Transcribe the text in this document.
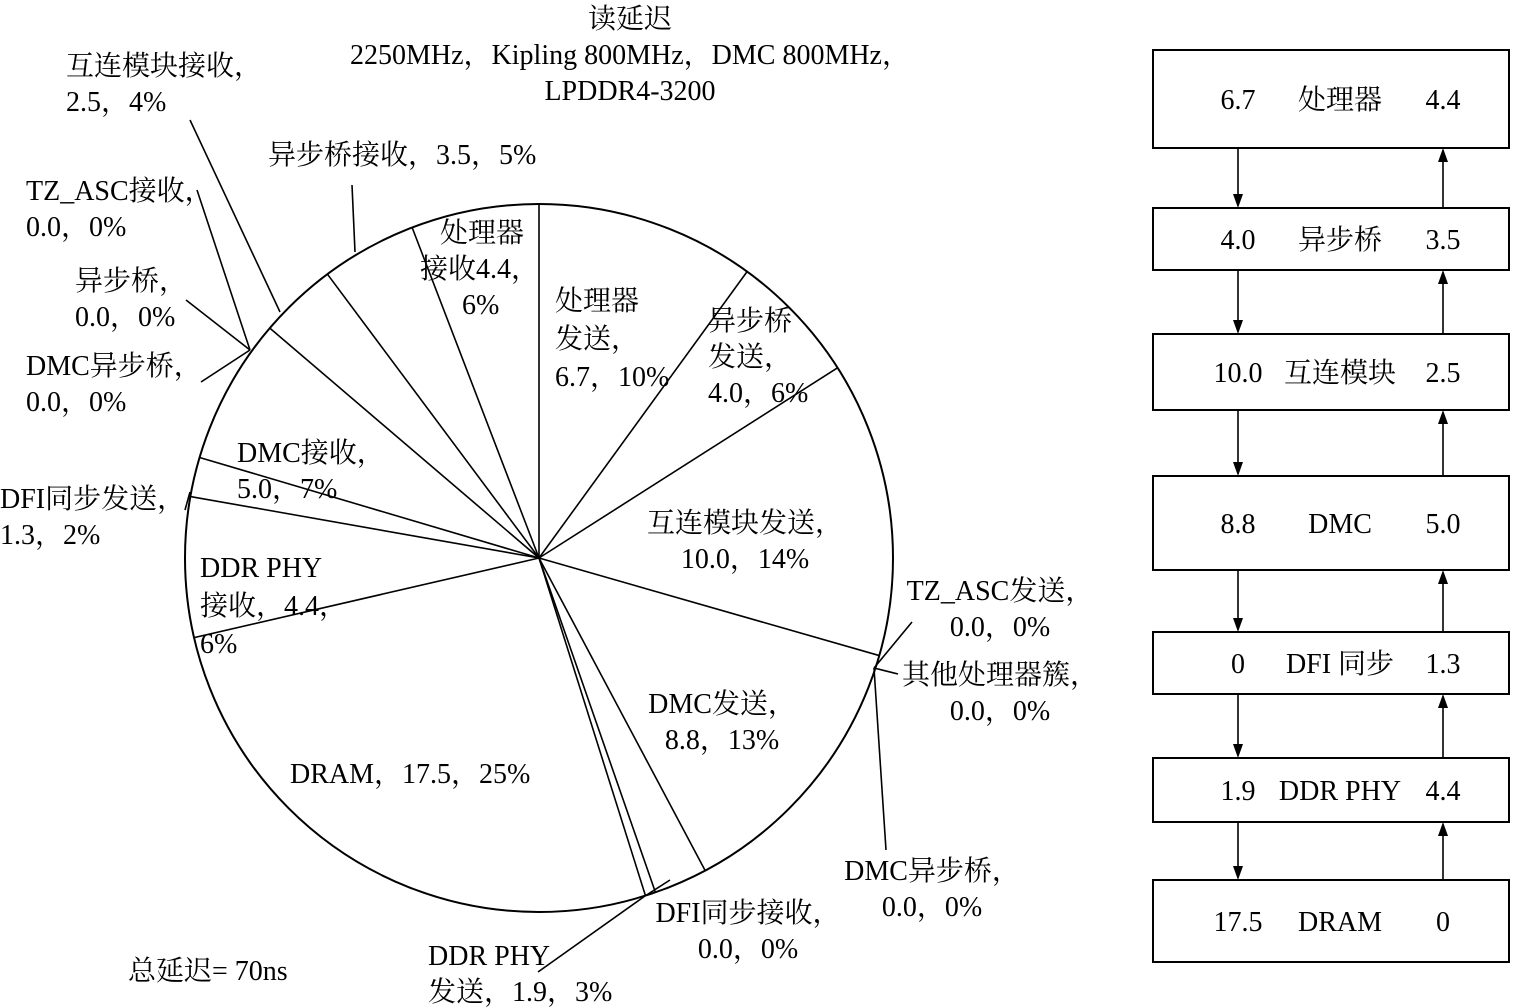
读延迟
2250MHz，Kipling 800MHz，DMC 800MHz，
LPDDR4-3200
处理器
发送，
6.7，10%
异步桥
发送，
4.0，6%
互连模块发送，
10.0，14%
TZ_ASC发送，
0.0，0%
其他处理器簇，
0.0，0%
DMC发送，
8.8，13%
DMC异步桥，
0.0，0%
DFI同步接收，
0.0，0%
DDR PHY
发送，1.9，3%
DRAM，17.5，25%
DDR PHY
接收，4.4，
6%
DFI同步发送，
1.3，2%
DMC接收，
5.0，7%
DMC异步桥，
0.0，0%
异步桥，
0.0，0%
TZ_ASC接收，
0.0，0%
互连模块接收，
2.5，4%
异步桥接收，3.5，5%
处理器
接收4.4，
6%
总延迟= 70ns
6.7 处理器 4.4
4.0 异步桥 3.5
10.0 互连模块 2.5
8.8 DMC 5.0
0 DFI 同步 1.3
1.9 DDR PHY 4.4
17.5 DRAM 0
